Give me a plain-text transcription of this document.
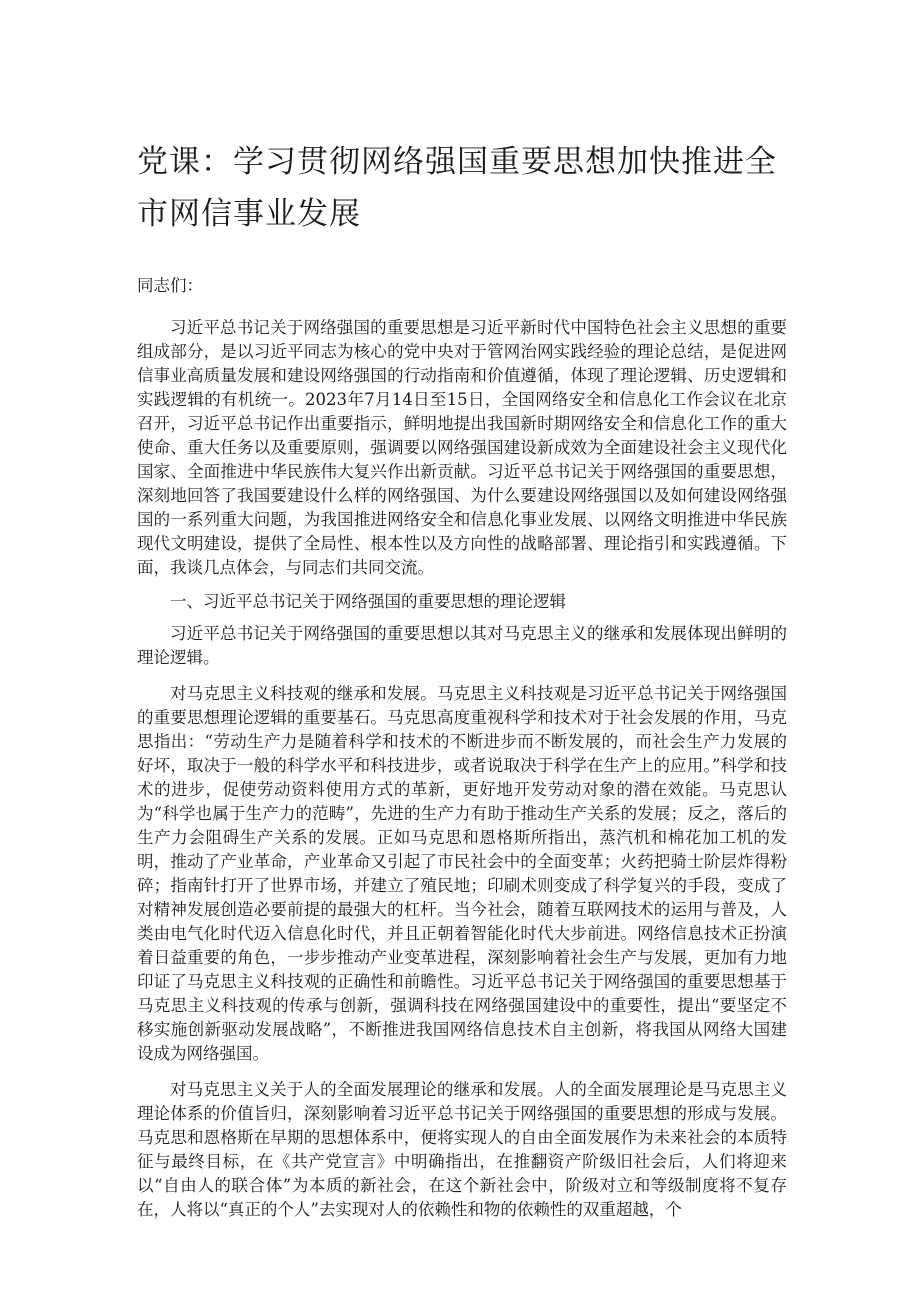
党课：学习贯彻网络强国重要思想加快推进全市网信事业发展

同志们：

习近平总书记关于网络强国的重要思想是习近平新时代中国特色社会主义思想的重要组成部分，是以习近平同志为核心的党中央对于管网治网实践经验的理论总结，是促进网信事业高质量发展和建设网络强国的行动指南和价值遵循，体现了理论逻辑、历史逻辑和实践逻辑的有机统一。2023年7月14日至15日，全国网络安全和信息化工作会议在北京召开，习近平总书记作出重要指示，鲜明地提出我国新时期网络安全和信息化工作的重大使命、重大任务以及重要原则，强调要以网络强国建设新成效为全面建设社会主义现代化国家、全面推进中华民族伟大复兴作出新贡献。习近平总书记关于网络强国的重要思想，深刻地回答了我国要建设什么样的网络强国、为什么要建设网络强国以及如何建设网络强国的一系列重大问题，为我国推进网络安全和信息化事业发展、以网络文明推进中华民族现代文明建设，提供了全局性、根本性以及方向性的战略部署、理论指引和实践遵循。下面，我谈几点体会，与同志们共同交流。

一、习近平总书记关于网络强国的重要思想的理论逻辑

习近平总书记关于网络强国的重要思想以其对马克思主义的继承和发展体现出鲜明的理论逻辑。

对马克思主义科技观的继承和发展。马克思主义科技观是习近平总书记关于网络强国的重要思想理论逻辑的重要基石。马克思高度重视科学和技术对于社会发展的作用，马克思指出：“劳动生产力是随着科学和技术的不断进步而不断发展的，而社会生产力发展的好坏，取决于一般的科学水平和科技进步，或者说取决于科学在生产上的应用。”科学和技术的进步，促使劳动资料使用方式的革新，更好地开发劳动对象的潜在效能。马克思认为“科学也属于生产力的范畴”，先进的生产力有助于推动生产关系的发展；反之，落后的生产力会阻碍生产关系的发展。正如马克思和恩格斯所指出，蒸汽机和棉花加工机的发明，推动了产业革命，产业革命又引起了市民社会中的全面变革；火药把骑士阶层炸得粉碎；指南针打开了世界市场，并建立了殖民地；印刷术则变成了科学复兴的手段，变成了对精神发展创造必要前提的最强大的杠杆。当今社会，随着互联网技术的运用与普及，人类由电气化时代迈入信息化时代，并且正朝着智能化时代大步前进。网络信息技术正扮演着日益重要的角色，一步步推动产业变革进程，深刻影响着社会生产与发展，更加有力地印证了马克思主义科技观的正确性和前瞻性。习近平总书记关于网络强国的重要思想基于马克思主义科技观的传承与创新，强调科技在网络强国建设中的重要性，提出“要坚定不移实施创新驱动发展战略”，不断推进我国网络信息技术自主创新，将我国从网络大国建设成为网络强国。

对马克思主义关于人的全面发展理论的继承和发展。人的全面发展理论是马克思主义理论体系的价值旨归，深刻影响着习近平总书记关于网络强国的重要思想的形成与发展。马克思和恩格斯在早期的思想体系中，便将实现人的自由全面发展作为未来社会的本质特征与最终目标，在《共产党宣言》中明确指出，在推翻资产阶级旧社会后，人们将迎来以“自由人的联合体”为本质的新社会，在这个新社会中，阶级对立和等级制度将不复存在，人将以“真正的个人”去实现对人的依赖性和物的依赖性的双重超越，个
